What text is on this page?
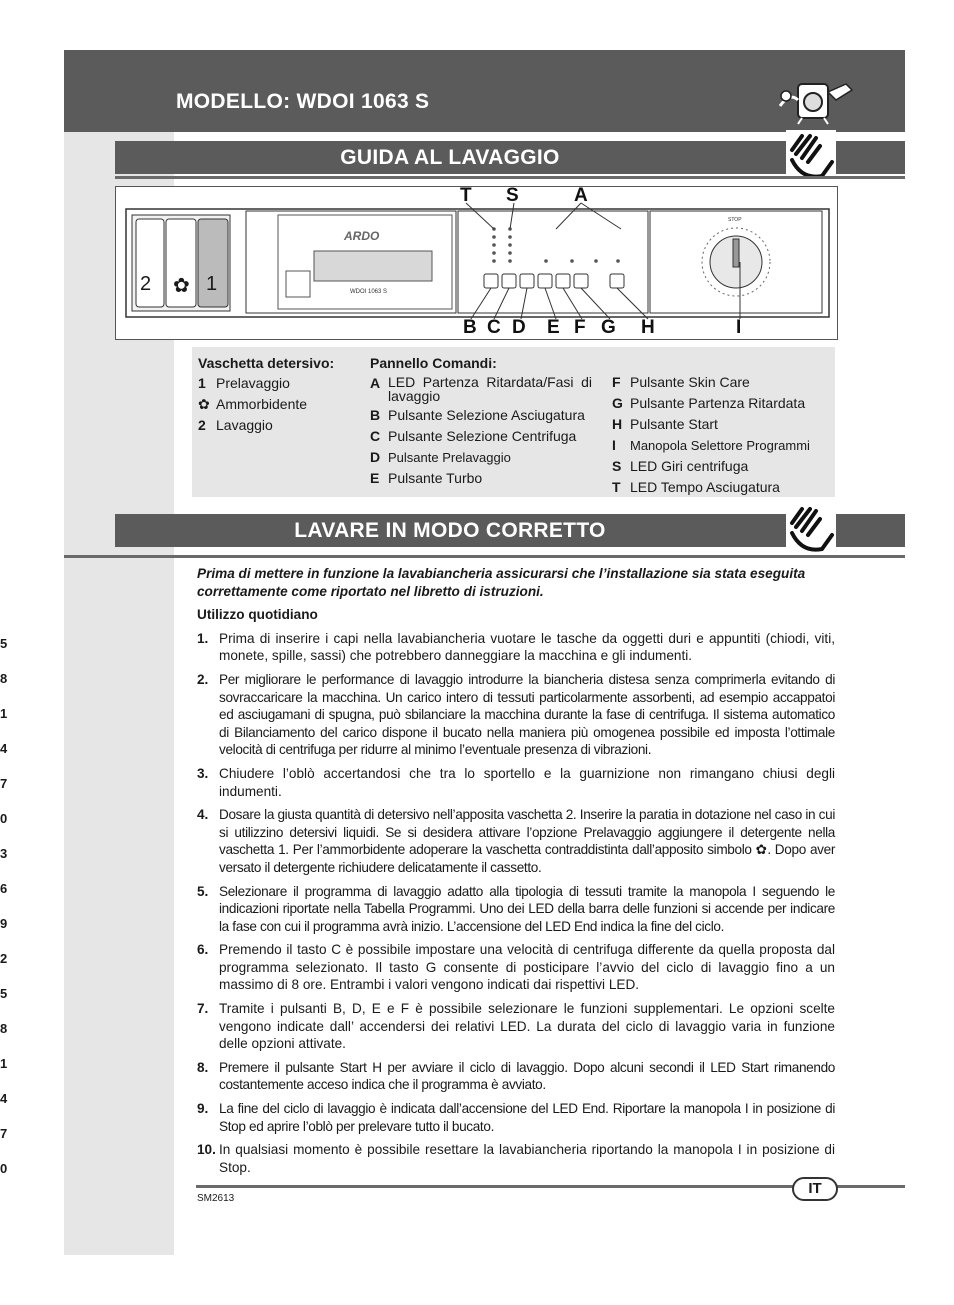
MODELLO: WDOI 1063 S
GUIDA AL LAVAGGIO
2 ✿ 1
ARDO
WDOI 1063 S
STOP
T S	A
B C D E F G H	I
Vaschetta detersivo:
1 Prelavaggio
✿ Ammorbidente
2 Lavaggio
Pannello Comandi:
A LED Partenza Ritardata/Fasi di lavaggio
B Pulsante Selezione Asciugatura
C Pulsante Selezione Centrifuga
D Pulsante Prelavaggio
E Pulsante Turbo
F Pulsante Skin Care
G Pulsante Partenza Ritardata
H Pulsante Start
I	Manopola Selettore Programmi
S LED Giri centrifuga
T LED Tempo Asciugatura
LAVARE IN MODO CORRETTO

Prima di mettere in funzione la lavabiancheria assicurarsi che l’installazione sia stata eseguita correttamente come riportato nel libretto di istruzioni.

Utilizzo quotidiano

1. Prima di inserire i capi nella lavabiancheria vuotare le tasche da oggetti duri e appuntiti (chiodi, viti, monete, spille, sassi) che potrebbero danneggiare la macchina e gli indumenti.
2. Per migliorare le performance di lavaggio introdurre la biancheria distesa senza comprimerla evitando di sovraccaricare la macchina. Un carico intero di tessuti particolarmente assorbenti, ad esempio accappatoi ed asciugamani di spugna, può sbilanciare la macchina durante la fase di centrifuga. Il sistema automatico di Bilanciamento del carico dispone il bucato nella maniera più omogenea possibile ed imposta l’ottimale velocità di centrifuga per ridurre al minimo l’eventuale presenza di vibrazioni.
3. Chiudere l’oblò accertandosi che tra lo sportello e la guarnizione non rimangano chiusi degli indumenti.
4. Dosare la giusta quantità di detersivo nell’apposita vaschetta 2. Inserire la paratia in dotazione nel caso in cui si utilizzino detersivi liquidi. Se si desidera attivare l’opzione Prelavaggio aggiungere il detergente nella vaschetta 1. Per l’ammorbidente adoperare la vaschetta contraddistinta dall’apposito simbolo ✿. Dopo aver versato il detergente richiudere delicatamente il cassetto.
5. Selezionare il programma di lavaggio adatto alla tipologia di tessuti tramite la manopola I seguendo le indicazioni riportate nella Tabella Programmi. Uno dei LED della barra delle funzioni si accende per indicare la fase con cui il programma avrà inizio. L’accensione del LED End indica la fine del ciclo.
6. Premendo il tasto C è possibile impostare una velocità di centrifuga differente da quella proposta dal programma selezionato. Il tasto G consente di posticipare l’avvio del ciclo di lavaggio fino a un massimo di 8 ore. Entrambi i valori vengono indicati dai rispettivi LED.
7. Tramite i pulsanti B, D, E e F è possibile selezionare le funzioni supplementari. Le opzioni scelte vengono indicate dall’ accendersi dei relativi LED. La durata del ciclo di lavaggio varia in funzione delle opzioni attivate.
8. Premere il pulsante Start H per avviare il ciclo di lavaggio. Dopo alcuni secondi il LED Start rimanendo costantemente acceso indica che il programma è avviato.
9. La fine del ciclo di lavaggio è indicata dall’accensione del LED End. Riportare la manopola I in posizione di Stop ed aprire l’oblò per prelevare tutto il bucato.
10. In qualsiasi momento è possibile resettare la lavabiancheria riportando la manopola I in posizione di Stop.
5
8
1
4
7
0
3
6
9
2
5
8
1
4
7
0
IT
SM2613
